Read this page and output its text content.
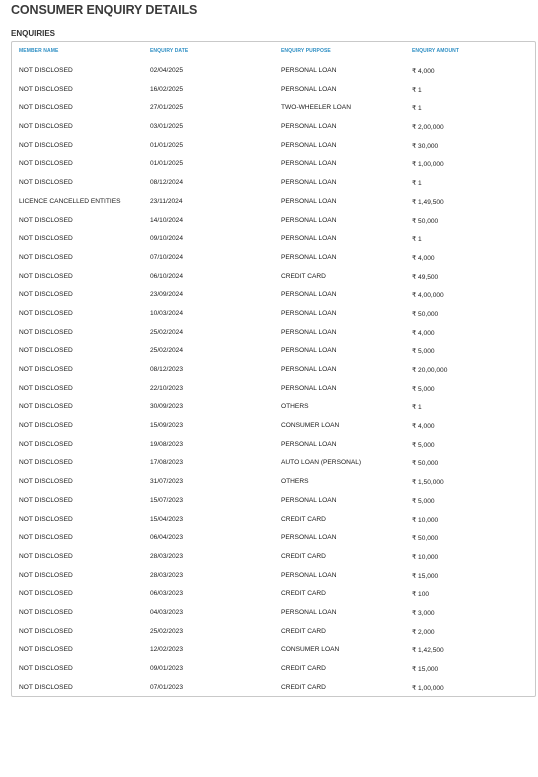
CONSUMER ENQUIRY DETAILS
ENQUIRIES
MEMBER NAME	ENQUIRY DATE	ENQUIRY PURPOSE	ENQUIRY AMOUNT
NOT DISCLOSED	02/04/2025	PERSONAL LOAN	₹ 4,000
NOT DISCLOSED	16/02/2025	PERSONAL LOAN	₹ 1
NOT DISCLOSED	27/01/2025	TWO-WHEELER LOAN	₹ 1
NOT DISCLOSED	03/01/2025	PERSONAL LOAN	₹ 2,00,000
NOT DISCLOSED	01/01/2025	PERSONAL LOAN	₹ 30,000
NOT DISCLOSED	01/01/2025	PERSONAL LOAN	₹ 1,00,000
NOT DISCLOSED	08/12/2024	PERSONAL LOAN	₹ 1
LICENCE CANCELLED ENTITIES	23/11/2024	PERSONAL LOAN	₹ 1,49,500
NOT DISCLOSED	14/10/2024	PERSONAL LOAN	₹ 50,000
NOT DISCLOSED	09/10/2024	PERSONAL LOAN	₹ 1
NOT DISCLOSED	07/10/2024	PERSONAL LOAN	₹ 4,000
NOT DISCLOSED	06/10/2024	CREDIT CARD	₹ 49,500
NOT DISCLOSED	23/09/2024	PERSONAL LOAN	₹ 4,00,000
NOT DISCLOSED	10/03/2024	PERSONAL LOAN	₹ 50,000
NOT DISCLOSED	25/02/2024	PERSONAL LOAN	₹ 4,000
NOT DISCLOSED	25/02/2024	PERSONAL LOAN	₹ 5,000
NOT DISCLOSED	08/12/2023	PERSONAL LOAN	₹ 20,00,000
NOT DISCLOSED	22/10/2023	PERSONAL LOAN	₹ 5,000
NOT DISCLOSED	30/09/2023	OTHERS	₹ 1
NOT DISCLOSED	15/09/2023	CONSUMER LOAN	₹ 4,000
NOT DISCLOSED	19/08/2023	PERSONAL LOAN	₹ 5,000
NOT DISCLOSED	17/08/2023	AUTO LOAN (PERSONAL)	₹ 50,000
NOT DISCLOSED	31/07/2023	OTHERS	₹ 1,50,000
NOT DISCLOSED	15/07/2023	PERSONAL LOAN	₹ 5,000
NOT DISCLOSED	15/04/2023	CREDIT CARD	₹ 10,000
NOT DISCLOSED	06/04/2023	PERSONAL LOAN	₹ 50,000
NOT DISCLOSED	28/03/2023	CREDIT CARD	₹ 10,000
NOT DISCLOSED	28/03/2023	PERSONAL LOAN	₹ 15,000
NOT DISCLOSED	06/03/2023	CREDIT CARD	₹ 100
NOT DISCLOSED	04/03/2023	PERSONAL LOAN	₹ 3,000
NOT DISCLOSED	25/02/2023	CREDIT CARD	₹ 2,000
NOT DISCLOSED	12/02/2023	CONSUMER LOAN	₹ 1,42,500
NOT DISCLOSED	09/01/2023	CREDIT CARD	₹ 15,000
NOT DISCLOSED	07/01/2023	CREDIT CARD	₹ 1,00,000
